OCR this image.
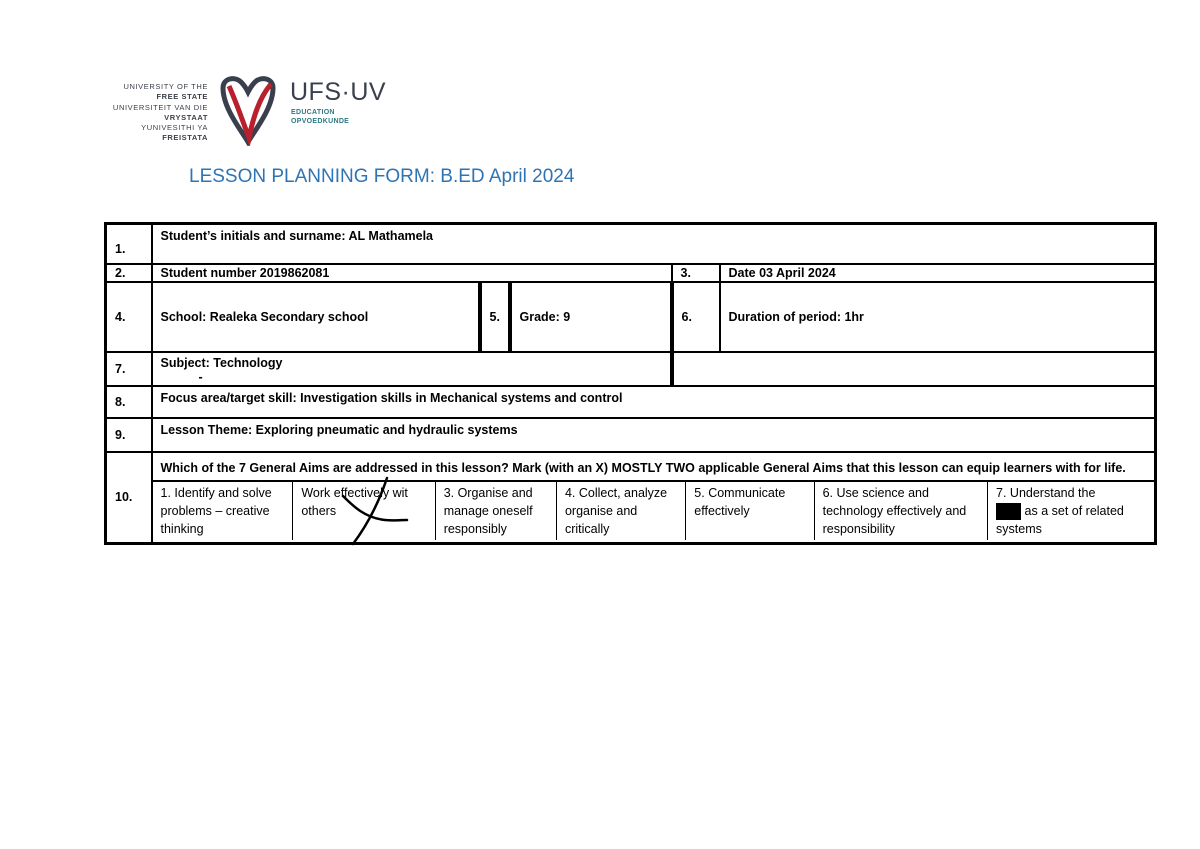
UNIVERSITY OF THE
FREE STATE
UNIVERSITEIT VAN DIE
VRYSTAAT
YUNIVESITHI YA
FREISTATA
UFS·UV
EDUCATION
OPVOEDKUNDE
LESSON PLANNING FORM: B.ED April 2024
1.	Student’s initials and surname: AL Mathamela
2.	Student number 2019862081	3.	Date 03 April 2024
4.	School: Realeka Secondary school	5.	Grade: 9	6.	Duration of period: 1hr
7.	Subject: Technology
-	
8.	Focus area/target skill: Investigation skills in Mechanical systems and control
9.	Lesson Theme: Exploring pneumatic and hydraulic systems
10.	
Which of the 7 General Aims are addressed in this lesson? Mark (with an X) MOSTLY TWO applicable General Aims that this lesson can equip learners with for life.
1. Identify and solve problems – creative thinking	Work effectively wit others	3. Organise and manage oneself responsibly	4. Collect, analyze organise and critically	5. Communicate effectively	6. Use science and technology effectively and responsibility	7. Understand the
as a set of related systems
